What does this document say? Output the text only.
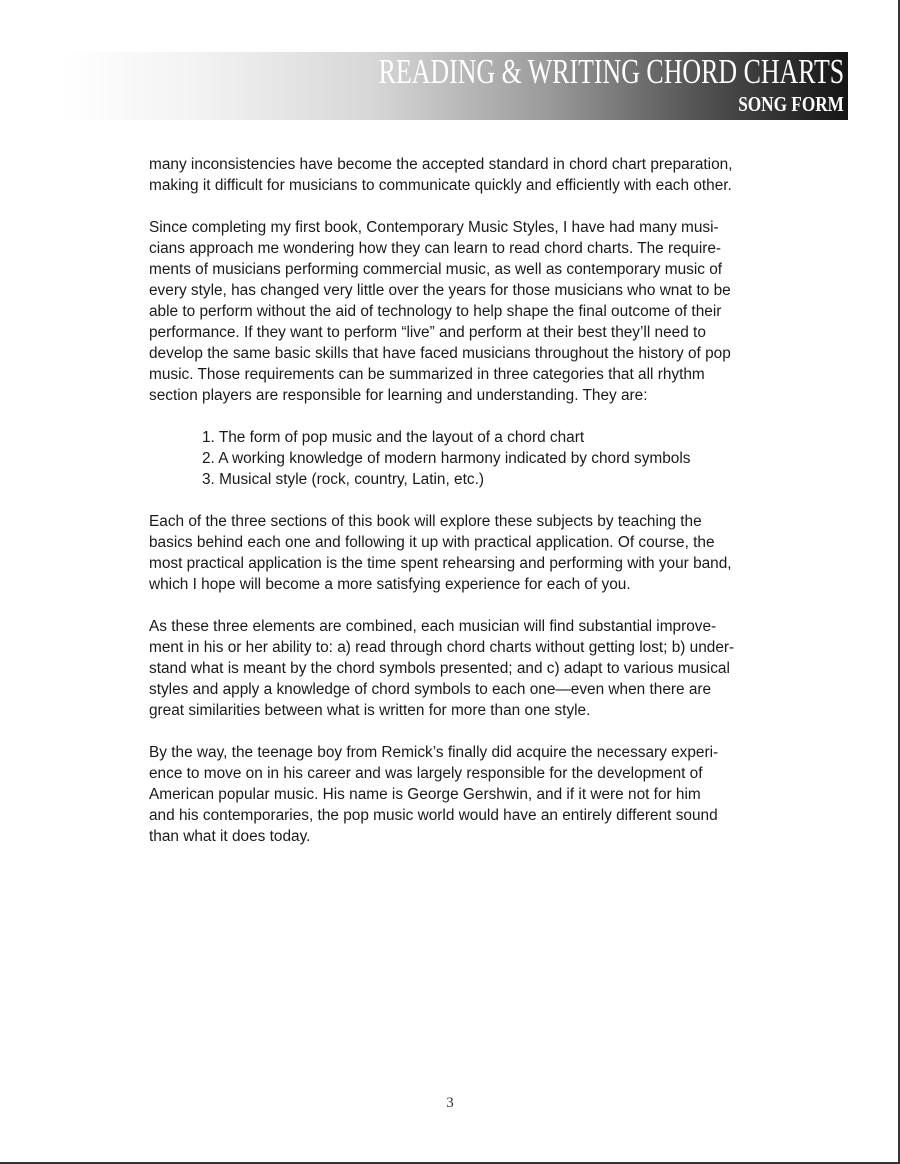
READING & WRITING CHORD CHARTS
SONG FORM

many inconsistencies have become the accepted standard in chord chart preparation,
making it difficult for musicians to communicate quickly and efficiently with each other.

Since completing my first book, Contemporary Music Styles, I have had many musi-
cians approach me wondering how they can learn to read chord charts. The require-
ments of musicians performing commercial music, as well as contemporary music of
every style, has changed very little over the years for those musicians who wnat to be
able to perform without the aid of technology to help shape the final outcome of their
performance. If they want to perform “live” and perform at their best they’ll need to
develop the same basic skills that have faced musicians throughout the history of pop
music. Those requirements can be summarized in three categories that all rhythm
section players are responsible for learning and understanding. They are:

1. The form of pop music and the layout of a chord chart
2. A working knowledge of modern harmony indicated by chord symbols
3. Musical style (rock, country, Latin, etc.)

Each of the three sections of this book will explore these subjects by teaching the
basics behind each one and following it up with practical application. Of course, the
most practical application is the time spent rehearsing and performing with your band,
which I hope will become a more satisfying experience for each of you.

As these three elements are combined, each musician will find substantial improve-
ment in his or her ability to: a) read through chord charts without getting lost; b) under-
stand what is meant by the chord symbols presented; and c) adapt to various musical
styles and apply a knowledge of chord symbols to each one—even when there are
great similarities between what is written for more than one style.

By the way, the teenage boy from Remick’s finally did acquire the necessary experi-
ence to move on in his career and was largely responsible for the development of
American popular music. His name is George Gershwin, and if it were not for him
and his contemporaries, the pop music world would have an entirely different sound
than what it does today.

3
